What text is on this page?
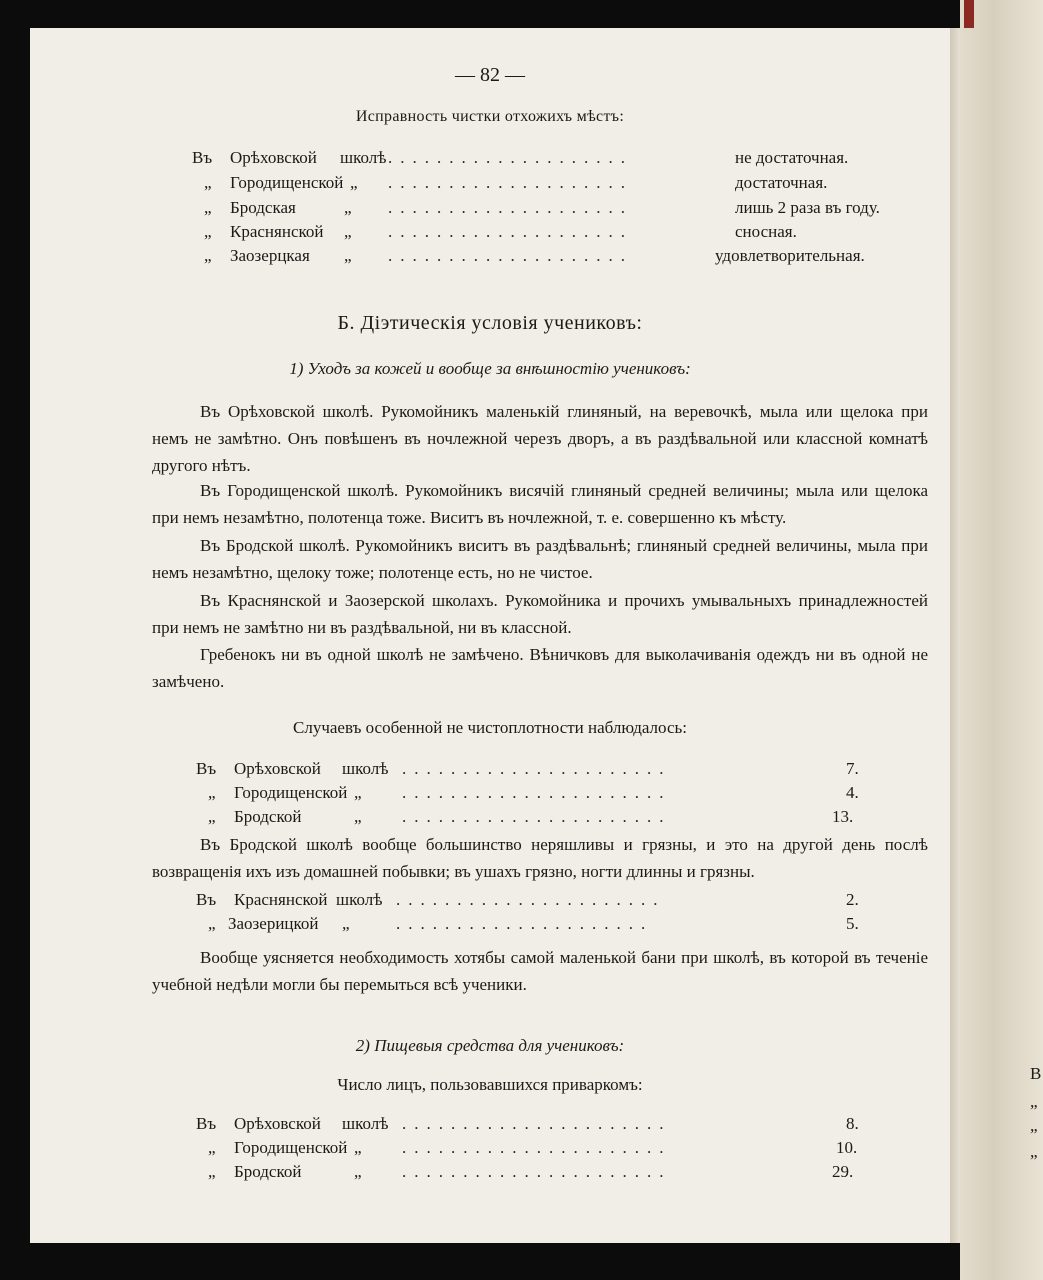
В
„
„
„
— 82 —
Исправность чистки отхожихъ мѣстъ:
Въ Орѣховской школѣ ....................	не достаточная.
„ Городищенской „ ....................	достаточная.
„ Бродская	„ ....................	лишь 2 раза въ году.
„ Краснянской „ ....................	сносная.
„ Заозерцкая „ ....................	удовлетворительная.
Б. Діэтическія условія учениковъ:
1) Уходъ за кожей и вообще за внѣшностію учениковъ:
Въ Орѣховской школѣ. Рукомойникъ маленькій глиняный, на веревочкѣ, мыла или щелока при немъ не замѣтно. Онъ повѣшенъ въ ночлежной черезъ дворъ, а въ раздѣвальной или классной комнатѣ другого нѣтъ.
Въ Городищенской школѣ. Рукомойникъ висячій глиняный средней величины; мыла или щелока при немъ незамѣтно, полотенца тоже. Виситъ въ ночлежной, т. е. совершенно къ мѣсту.
Въ Бродской школѣ. Рукомойникъ виситъ въ раздѣвальнѣ; глиняный средней величины, мыла при немъ незамѣтно, щелоку тоже; полотенце есть, но не чистое.
Въ Краснянской и Заозерской школахъ. Рукомойника и прочихъ умывальныхъ принадлежностей при немъ не замѣтно ни въ раздѣвальной, ни въ классной.
Гребенокъ ни въ одной школѣ не замѣчено. Вѣничковъ для выколачиванія одеждъ ни въ одной не замѣчено.
Случаевъ особенной не чистоплотности наблюдалось:
Въ Орѣховской школѣ ......................	7.
„ Городищенской „ ......................	4.
„ Бродской	„ ......................	13.
Въ Бродской школѣ вообще большинство неряшливы и грязны, и это на другой день послѣ возвращенія ихъ изъ домашней побывки; въ ушахъ грязно, ногти длинны и грязны.
Въ Краснянской школѣ ......................	2.
„ Заозерицкой „	.....................	5.
Вообще уясняется необходимость хотябы самой маленькой бани при школѣ, въ которой въ теченіе учебной недѣли могли бы перемыться всѣ ученики.
2) Пищевыя средства для учениковъ:
Число лицъ, пользовавшихся приваркомъ:
Въ Орѣховской школѣ ......................	8.
„ Городищенской „ ......................	10.
„ Бродской	„ ......................	29.
